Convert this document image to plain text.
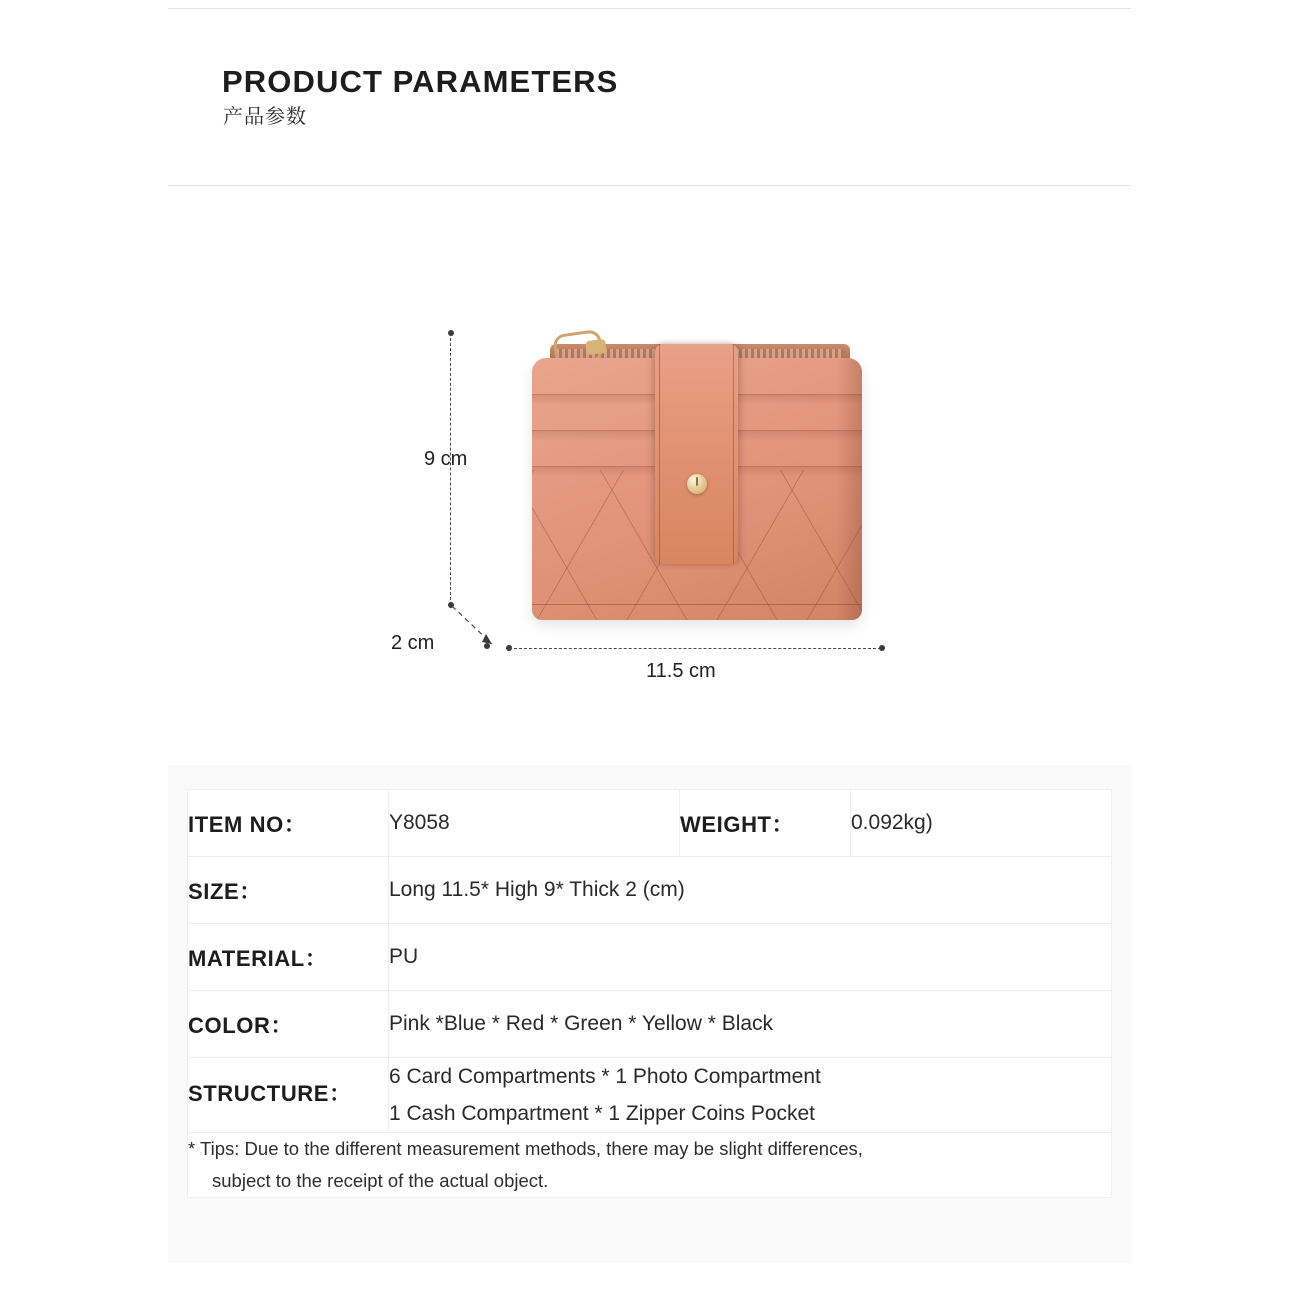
PRODUCT PARAMETERS
产品参数
9 cm
2 cm
11.5 cm
ITEM NO：	Y8058	WEIGHT：	0.092kg)
SIZE：	Long 11.5* High 9* Thick 2 (cm)		
MATERIAL：	PU		
COLOR：	Pink *Blue * Red * Green * Yellow * Black		
STRUCTURE：	6 Card Compartments * 1 Photo Compartment
1 Cash Compartment * 1 Zipper Coins Pocket		

* Tips: Due to the different measurement methods, there may be slight differences,
subject to the receipt of the actual object.			
